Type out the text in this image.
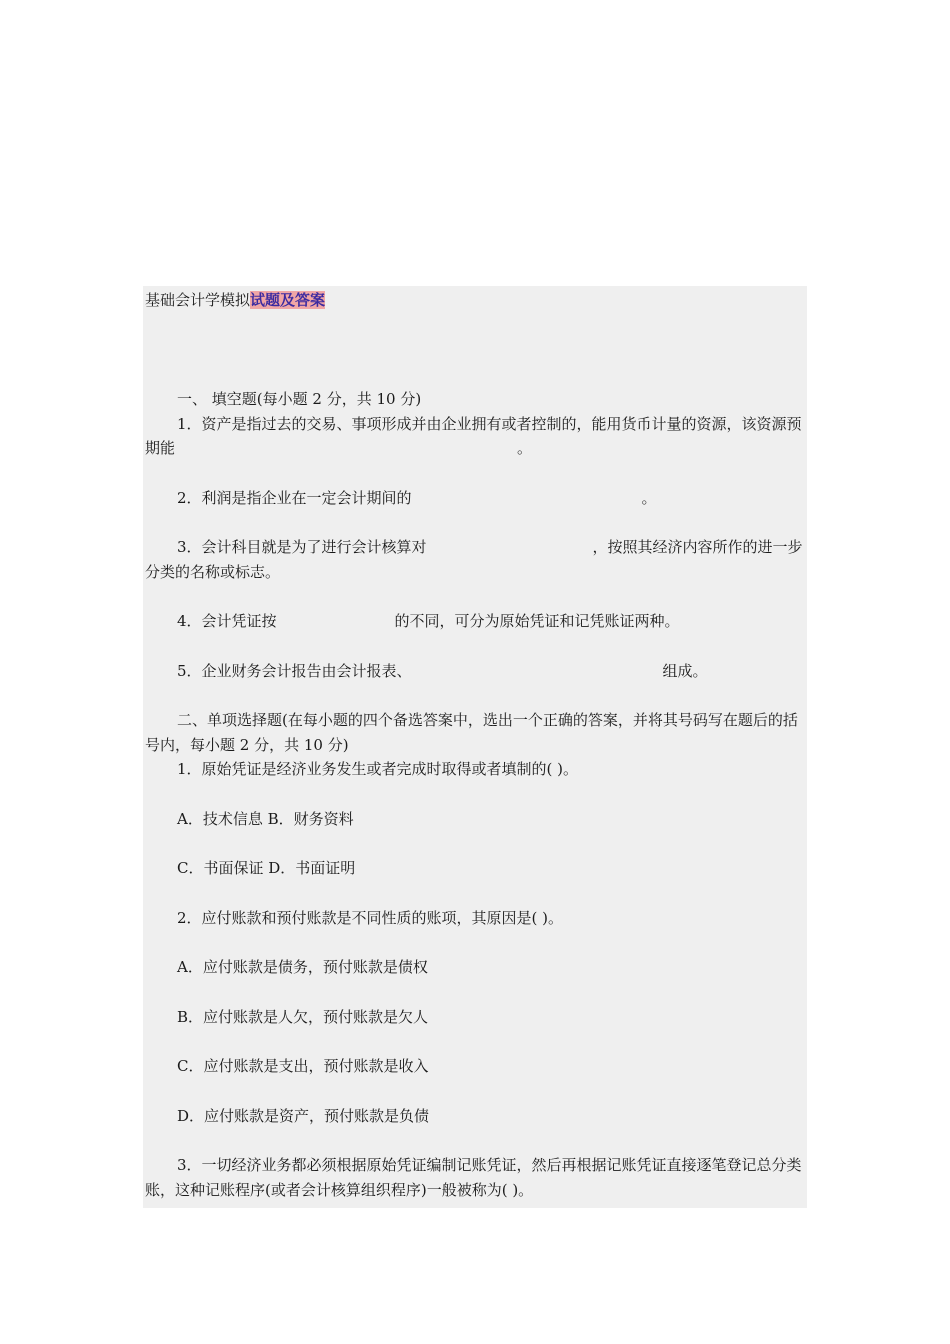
基础会计学模拟试题及答案

一、 填空题(每小题 2 分，共 10 分)

1．资产是指过去的交易、事项形成并由企业拥有或者控制的，能用货币计量的资源，该资源预期能	。

2．利润是指企业在一定会计期间的	。

3．会计科目就是为了进行会计核算对	，按照其经济内容所作的进一步分类的名称或标志。

4．会计凭证按	的不同，可分为原始凭证和记凭账证两种。

5．企业财务会计报告由会计报表、	组成。

二、单项选择题(在每小题的四个备选答案中，选出一个正确的答案，并将其号码写在题后的括号内，每小题 2 分，共 10 分)

1．原始凭证是经济业务发生或者完成时取得或者填制的( )。

A．技术信息 B．财务资料

C．书面保证 D．书面证明

2．应付账款和预付账款是不同性质的账项，其原因是( )。

A．应付账款是债务，预付账款是债权

B．应付账款是人欠，预付账款是欠人

C．应付账款是支出，预付账款是收入

D．应付账款是资产，预付账款是负债

3．一切经济业务都必须根据原始凭证编制记账凭证，然后再根据记账凭证直接逐笔登记总分类账，这种记账程序(或者会计核算组织程序)一般被称为( )。
